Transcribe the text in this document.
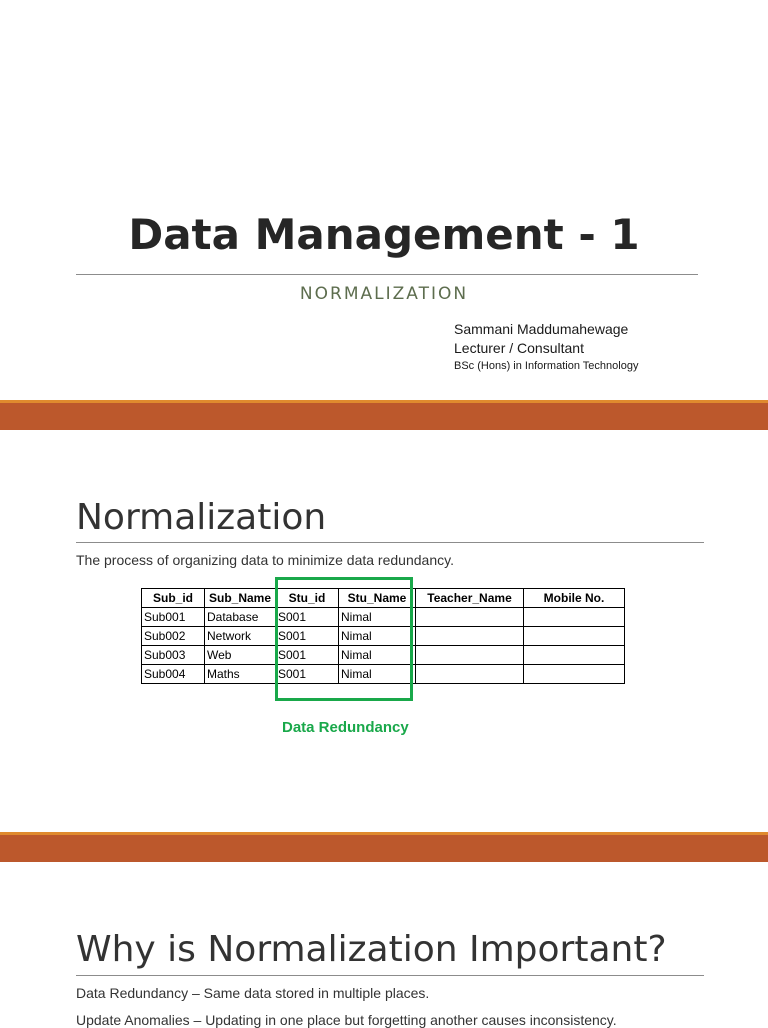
Data Management - 1
NORMALIZATION
Sammani Maddumahewage
Lecturer / Consultant
BSc (Hons) in Information Technology
Normalization
The process of organizing data to minimize data redundancy.
Sub_id	Sub_Name	Stu_id	Stu_Name	Teacher_Name	Mobile No.
Sub001	Database	S001	Nimal		
Sub002	Network	S001	Nimal		
Sub003	Web	S001	Nimal		
Sub004	Maths	S001	Nimal		
Data Redundancy
Why is Normalization Important?
Data Redundancy – Same data stored in multiple places.
Update Anomalies – Updating in one place but forgetting another causes inconsistency.
